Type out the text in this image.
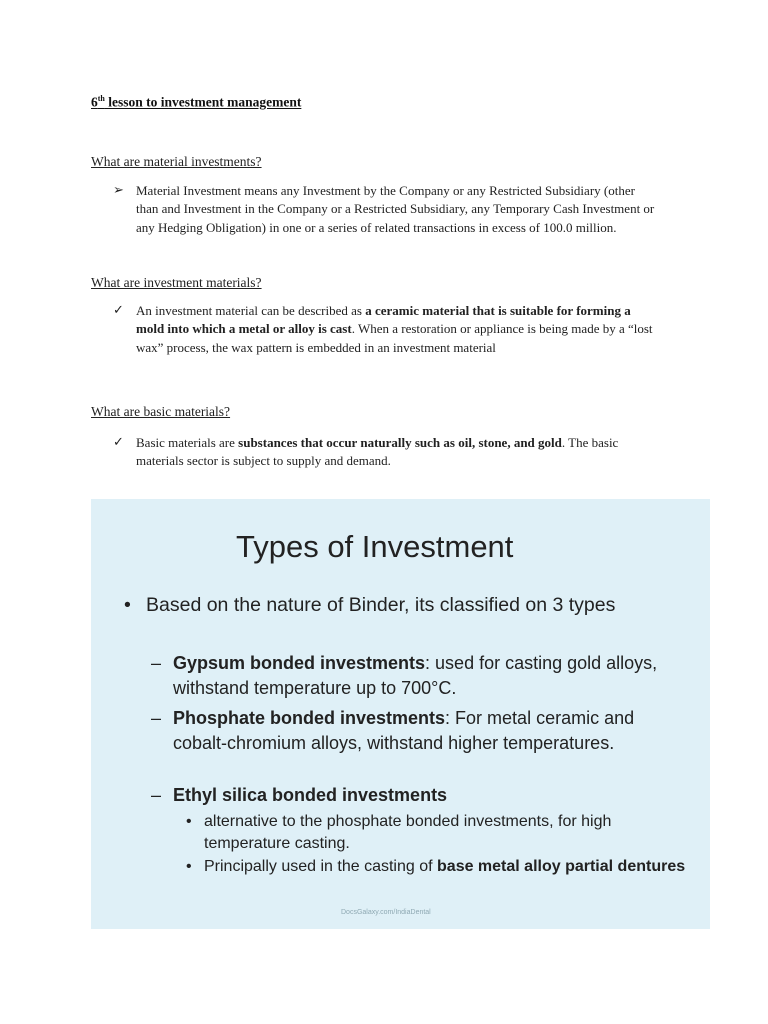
6th lesson to investment management
What are material investments?
➢ Material Investment means any Investment by the Company or any Restricted Subsidiary (other than and Investment in the Company or a Restricted Subsidiary, any Temporary Cash Investment or any Hedging Obligation) in one or a series of related transactions in excess of 100.0 million.
What are investment materials?
✓ An investment material can be described as a ceramic material that is suitable for forming a mold into which a metal or alloy is cast. When a restoration or appliance is being made by a “lost wax” process, the wax pattern is embedded in an investment material
What are basic materials?
✓ Basic materials are substances that occur naturally such as oil, stone, and gold. The basic materials sector is subject to supply and demand.
Types of Investment
• Based on the nature of Binder, its classified on 3 types
– Gypsum bonded investments: used for casting gold alloys, withstand temperature up to 700°C.
– Phosphate bonded investments: For metal ceramic and cobalt-chromium alloys, withstand higher temperatures.
– Ethyl silica bonded investments
• alternative to the phosphate bonded investments, for high temperature casting.
• Principally used in the casting of base metal alloy partial dentures
DocsGalaxy.com/IndiaDental
